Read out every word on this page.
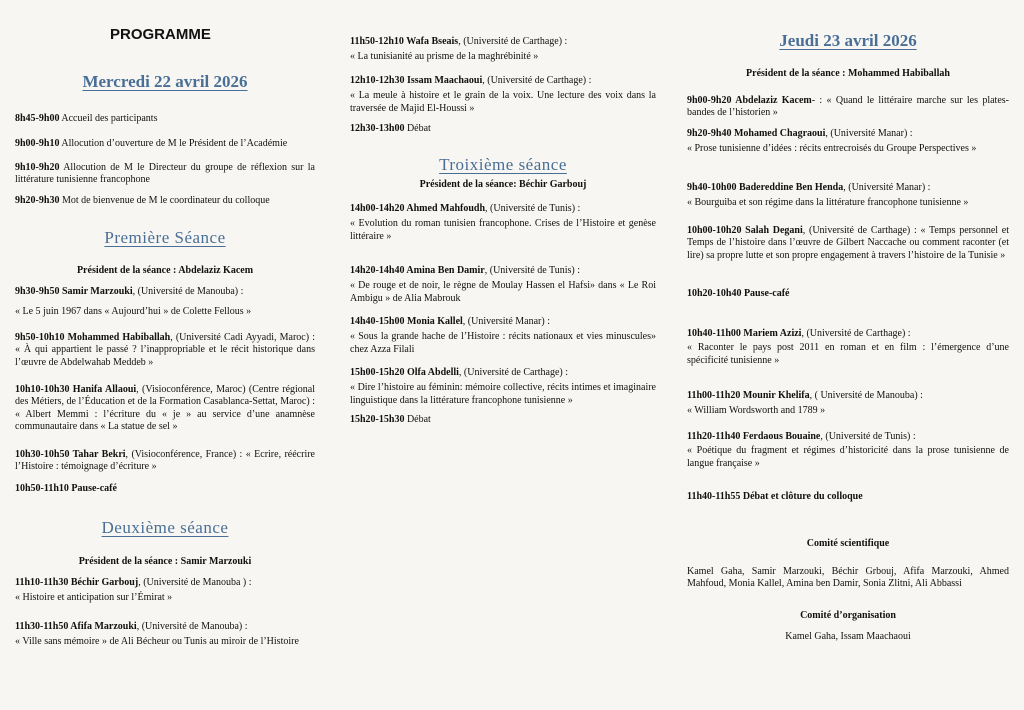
PROGRAMME

Mercredi 22 avril 2026

8h45-9h00 Accueil des participants

9h00-9h10 Allocution d’ouverture de M le Président de l’Académie

9h10-9h20 Allocution de M le Directeur du groupe de réflexion sur la littérature tunisienne francophone

9h20-9h30 Mot de bienvenue de M le coordinateur du colloque

Première Séance

Président de la séance : Abdelaziz Kacem

9h30-9h50 Samir Marzouki, (Université de Manouba) :

« Le 5 juin 1967 dans « Aujourd’hui » de Colette Fellous »

9h50-10h10 Mohammed Habiballah, (Université Cadi Ayyadi, Maroc) : « À qui appartient le passé ? l’inappropriable et le récit historique dans l’œuvre de Abdelwahab Meddeb »

10h10-10h30 Hanifa Allaoui, (Visioconférence, Maroc) (Centre régional des Métiers, de l’Éducation et de la Formation Casablanca-Settat, Maroc) : « Albert Memmi : l’écriture du « je » au service d’une anamnèse communautaire dans « La statue de sel »

10h30-10h50 Tahar Bekri, (Visioconférence, France) : « Ecrire, réécrire l’Histoire : témoignage d’écriture »

10h50-11h10 Pause-café

Deuxième séance

Président de la séance : Samir Marzouki

11h10-11h30 Béchir Garbouj, (Université de Manouba ) :

« Histoire et anticipation sur l’Émirat »

11h30-11h50 Afifa Marzouki, (Université de Manouba) :

« Ville sans mémoire » de Ali Bécheur ou Tunis au miroir de l’Histoire

11h50-12h10 Wafa Bseais, (Université de Carthage) :

« La tunisianité au prisme de la maghrébinité »

12h10-12h30 Issam Maachaoui, (Université de Carthage) :

« La meule à histoire et le grain de la voix. Une lecture des voix dans la traversée de Majid El-Houssi »

12h30-13h00 Débat

Troixième séance

Président de la séance: Béchir Garbouj

14h00-14h20 Ahmed Mahfoudh, (Université de Tunis) :

« Evolution du roman tunisien francophone. Crises de l’Histoire et genèse littéraire »

14h20-14h40 Amina Ben Damir, (Université de Tunis) :

« De rouge et de noir, le règne de Moulay Hassen el Hafsi» dans « Le Roi Ambigu » de Alia Mabrouk

14h40-15h00 Monia Kallel, (Université Manar) :

« Sous la grande hache de l’Histoire : récits nationaux et vies minuscules» chez Azza Filali

15h00-15h20 Olfa Abdelli, (Université de Carthage) :

« Dire l’histoire au féminin: mémoire collective, récits intimes et imaginaire linguistique dans la littérature francophone tunisienne »

15h20-15h30 Débat

Jeudi 23 avril 2026

Président de la séance : Mohammed Habiballah

9h00-9h20 Abdelaziz Kacem- : « Quand le littéraire marche sur les plates-bandes de l’historien »

9h20-9h40 Mohamed Chagraoui, (Université Manar) :

« Prose tunisienne d’idées : récits entrecroisés du Groupe Perspectives »

9h40-10h00 Badereddine Ben Henda, (Université Manar) :

« Bourguiba et son régime dans la littérature francophone tunisienne »

10h00-10h20 Salah Degani, (Université de Carthage) : « Temps personnel et Temps de l’histoire dans l’œuvre de Gilbert Naccache ou comment raconter (et lire) sa propre lutte et son propre engagement à travers l’histoire de la Tunisie »

10h20-10h40 Pause-café

10h40-11h00 Mariem Azizi, (Université de Carthage) :

« Raconter le pays post 2011 en roman et en film : l’émergence d’une spécificité tunisienne »

11h00-11h20 Mounir Khelifa, ( Université de Manouba) :

« William Wordsworth and 1789 »

11h20-11h40 Ferdaous Bouaine, (Université de Tunis) :

« Poétique du fragment et régimes d’historicité dans la prose tunisienne de langue française »

11h40-11h55 Débat et clôture du colloque

Comité scientifique

Kamel Gaha, Samir Marzouki, Béchir Grbouj, Afifa Marzouki, Ahmed Mahfoud, Monia Kallel, Amina ben Damir, Sonia Zlitni, Ali Abbassi

Comité d’organisation

Kamel Gaha, Issam Maachaoui
